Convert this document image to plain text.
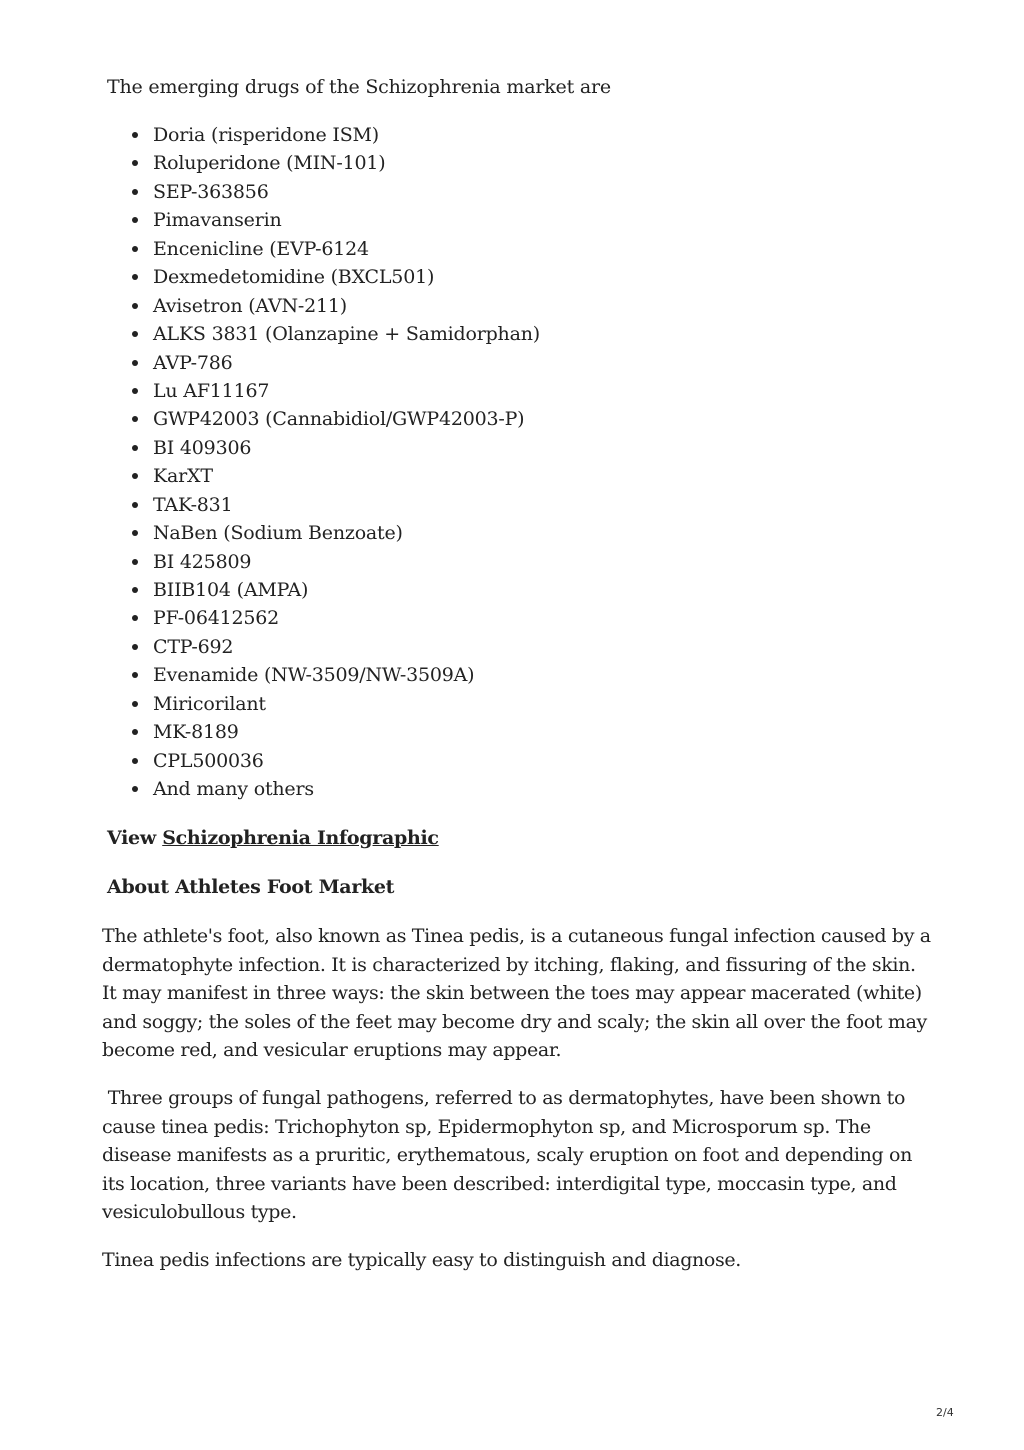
The emerging drugs of the Schizophrenia market are

Doria (risperidone ISM)
Roluperidone (MIN-101)
SEP-363856
Pimavanserin
Encenicline (EVP-6124
Dexmedetomidine (BXCL501)
Avisetron (AVN-211)
ALKS 3831 (Olanzapine + Samidorphan)
AVP-786
Lu AF11167
GWP42003 (Cannabidiol/GWP42003-P)
BI 409306
KarXT
TAK-831
NaBen (Sodium Benzoate)
BI 425809
BIIB104 (AMPA)
PF-06412562
CTP-692
Evenamide (NW-3509/NW-3509A)
Miricorilant
MK-8189
CPL500036
And many others

View Schizophrenia Infographic

About Athletes Foot Market

The athlete's foot, also known as Tinea pedis, is a cutaneous fungal infection caused by a dermatophyte infection. It is characterized by itching, flaking, and fissuring of the skin. It may manifest in three ways: the skin between the toes may appear macerated (white) and soggy; the soles of the feet may become dry and scaly; the skin all over the foot may become red, and vesicular eruptions may appear.

Three groups of fungal pathogens, referred to as dermatophytes, have been shown to cause tinea pedis: Trichophyton sp, Epidermophyton sp, and Microsporum sp. The disease manifests as a pruritic, erythematous, scaly eruption on foot and depending on its location, three variants have been described: interdigital type, moccasin type, and vesiculobullous type.

Tinea pedis infections are typically easy to distinguish and diagnose.

2/4
